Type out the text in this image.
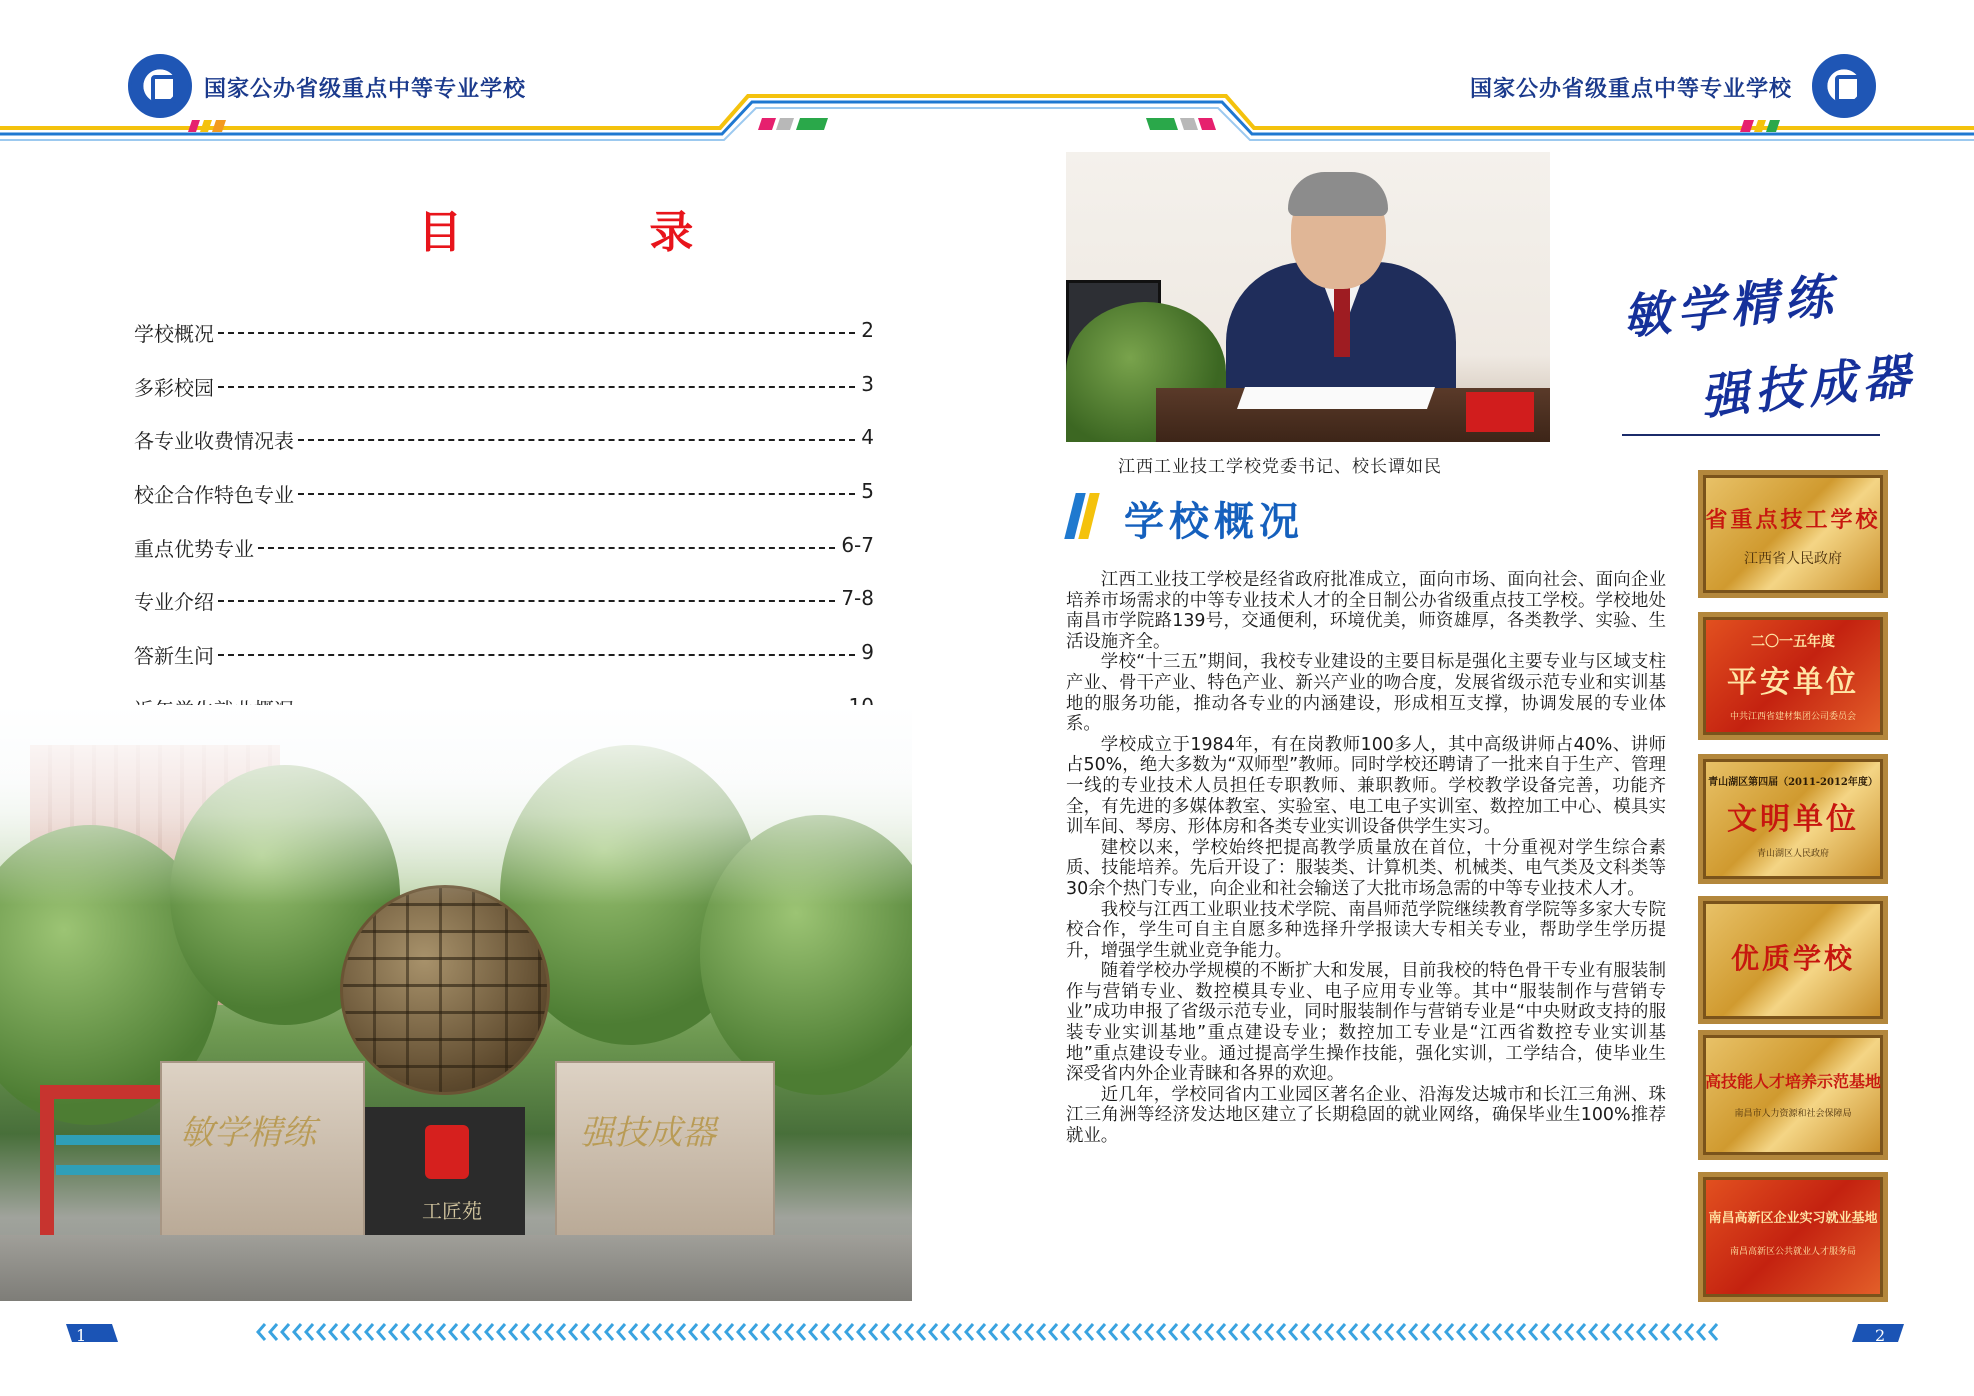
国家公办省级重点中等专业学校	国家公办省级重点中等专业学校
目 录
学校概况	2
多彩校园	3
各专业收费情况表	4
校企合作特色专业	5
重点优势专业	6-7
专业介绍	7-8
答新生问	9
敏学精练	强技成器
工匠苑
江西工业技工学校党委书记、校长谭如民
敏学精练
强技成器
学校概况

江西工业技工学校是经省政府批准成立，面向市场、面向社会、面向企业培养市场需求的中等专业技术人才的全日制公办省级重点技工学校。学校地处南昌市学院路139号，交通便利，环境优美，师资雄厚，各类教学、实验、生活设施齐全。

学校“十三五”期间，我校专业建设的主要目标是强化主要专业与区域支柱产业、骨干产业、特色产业、新兴产业的吻合度，发展省级示范专业和实训基地的服务功能，推动各专业的内涵建设，形成相互支撑，协调发展的专业体系。

学校成立于1984年，有在岗教师100多人，其中高级讲师占40%、讲师占50%，绝大多数为“双师型”教师。同时学校还聘请了一批来自于生产、管理一线的专业技术人员担任专职教师、兼职教师。学校教学设备完善，功能齐全，有先进的多媒体教室、实验室、电工电子实训室、数控加工中心、模具实训车间、琴房、形体房和各类专业实训设备供学生实习。

建校以来，学校始终把提高教学质量放在首位，十分重视对学生综合素质、技能培养。先后开设了：服装类、计算机类、机械类、电气类及文科类等30余个热门专业，向企业和社会输送了大批市场急需的中等专业技术人才。

我校与江西工业职业技术学院、南昌师范学院继续教育学院等多家大专院校合作，学生可自主自愿多种选择升学报读大专相关专业，帮助学生学历提升，增强学生就业竞争能力。

随着学校办学规模的不断扩大和发展，目前我校的特色骨干专业有服装制作与营销专业、数控模具专业、电子应用专业等。其中“服装制作与营销专业”成功申报了省级示范专业，同时服装制作与营销专业是“中央财政支持的服装专业实训基地”重点建设专业；数控加工专业是“江西省数控专业实训基地”重点建设专业。通过提高学生操作技能，强化实训，工学结合，使毕业生深受省内外企业青睐和各界的欢迎。

近几年，学校同省内工业园区著名企业、沿海发达城市和长江三角洲、珠江三角洲等经济发达地区建立了长期稳固的就业网络，确保毕业生100%推荐就业。

省重点技工学校
江西省人民政府
二〇一五年度
平安单位
中共江西省建材集团公司委员会
青山湖区第四届（2011-2012年度）
文明单位
青山湖区人民政府
优质学校
高技能人才培养示范基地
南昌市人力资源和社会保障局
南昌高新区企业实习就业基地
南昌高新区公共就业人才服务局
1	2
